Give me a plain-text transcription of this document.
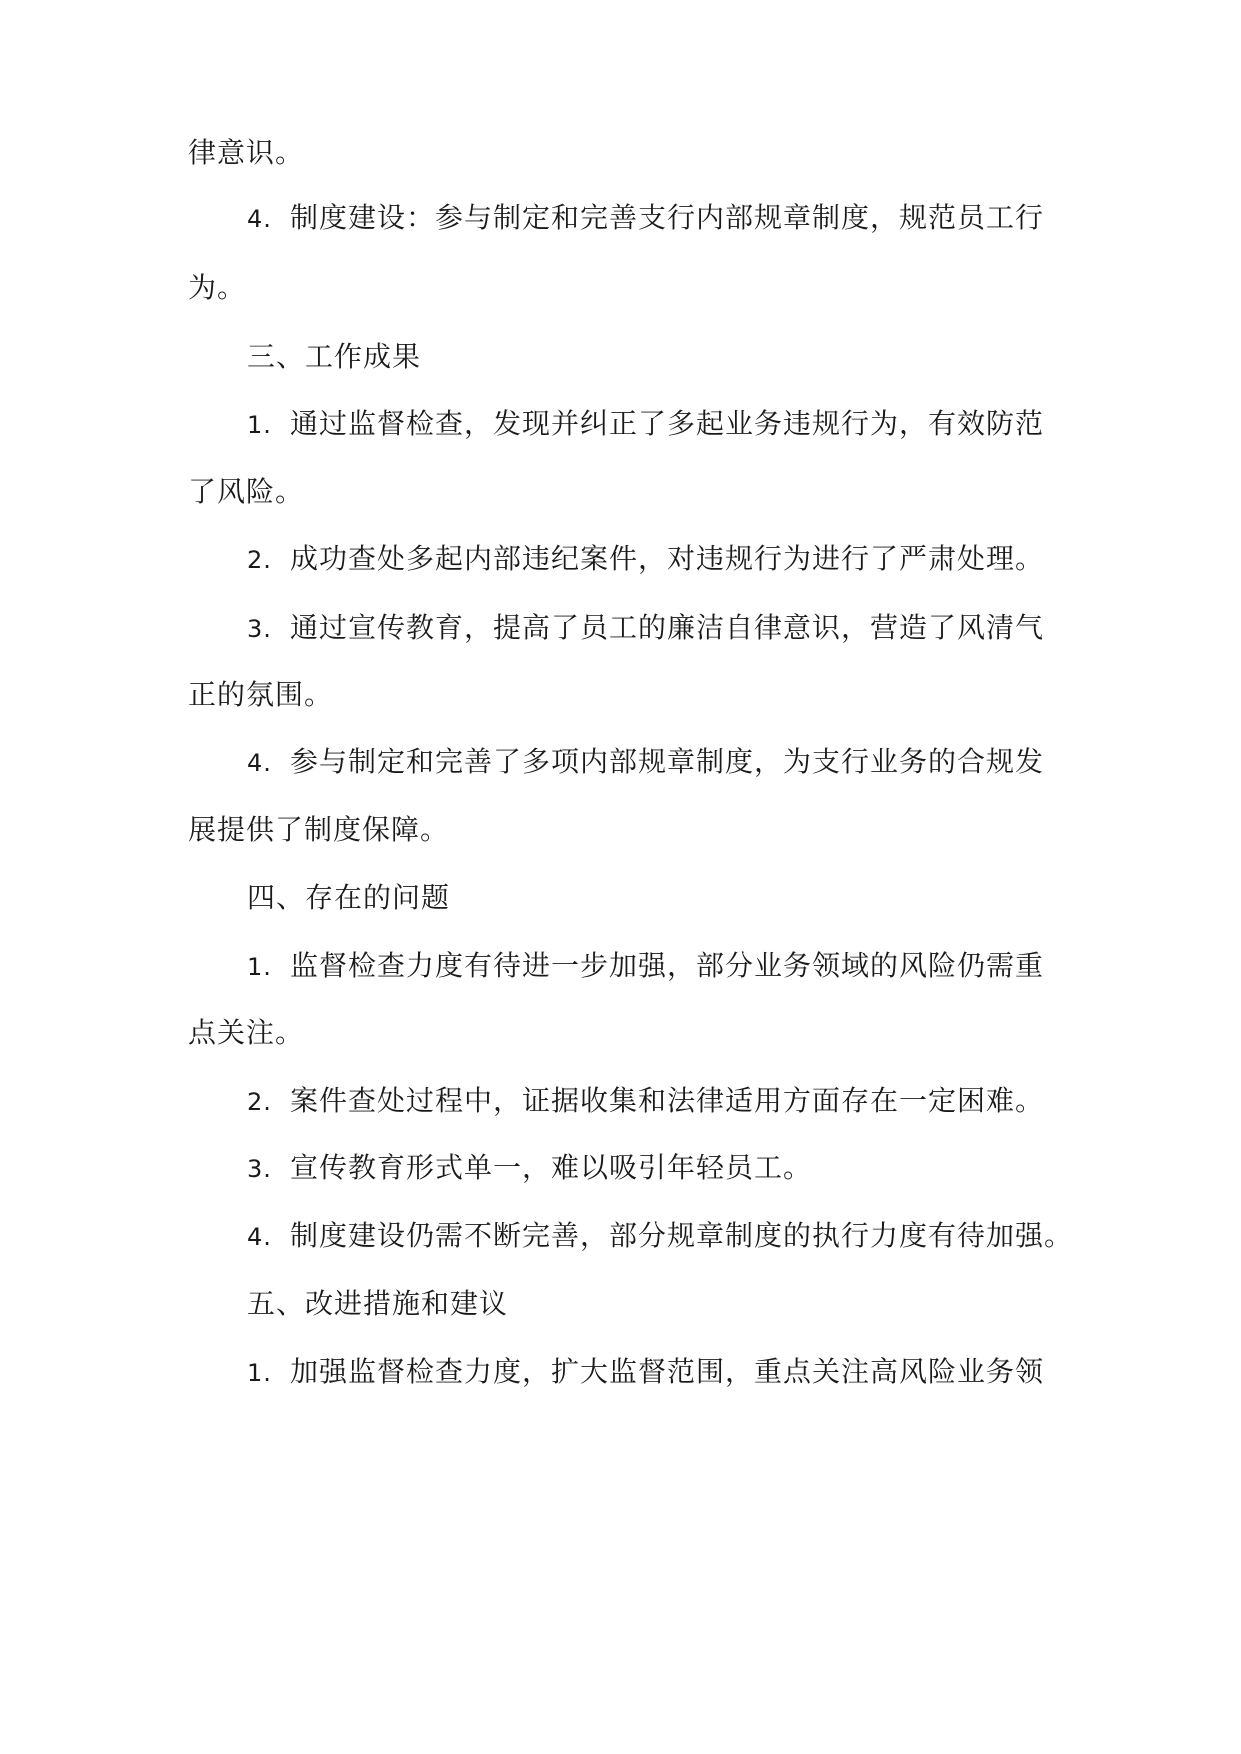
律意识。
4. 制度建设：参与制定和完善支行内部规章制度，规范员工行
为。
三、工作成果
1. 通过监督检查，发现并纠正了多起业务违规行为，有效防范
了风险。
2. 成功查处多起内部违纪案件，对违规行为进行了严肃处理。
3. 通过宣传教育，提高了员工的廉洁自律意识，营造了风清气
正的氛围。
4. 参与制定和完善了多项内部规章制度，为支行业务的合规发
展提供了制度保障。
四、存在的问题
1. 监督检查力度有待进一步加强，部分业务领域的风险仍需重
点关注。
2. 案件查处过程中，证据收集和法律适用方面存在一定困难。
3. 宣传教育形式单一，难以吸引年轻员工。
4. 制度建设仍需不断完善，部分规章制度的执行力度有待加强。
五、改进措施和建议
1. 加强监督检查力度，扩大监督范围，重点关注高风险业务领
